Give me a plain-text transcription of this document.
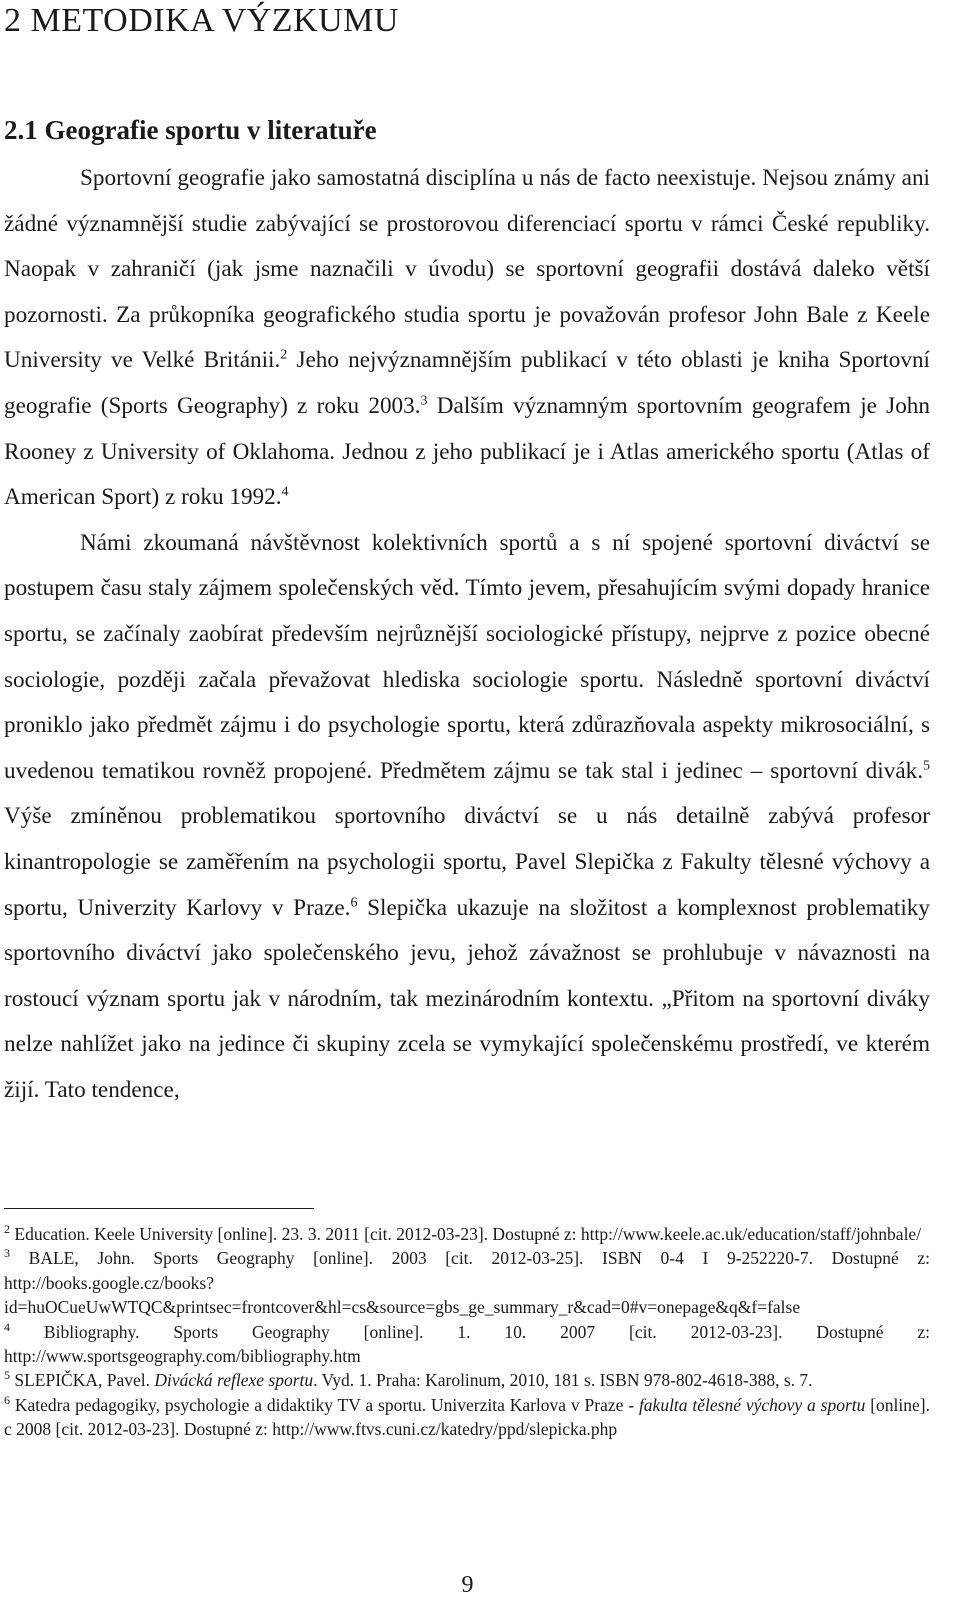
2 METODIKA VÝZKUMU
2.1 Geografie sportu v literatuře

Sportovní geografie jako samostatná disciplína u nás de facto neexistuje. Nejsou známy ani žádné významnější studie zabývající se prostorovou diferenciací sportu v rámci České republiky. Naopak v zahraničí (jak jsme naznačili v úvodu) se sportovní geografii dostává daleko větší pozornosti. Za průkopníka geografického studia sportu je považován profesor John Bale z Keele University ve Velké Británii.$^2$ Jeho nejvýznamnějším publikací v této oblasti je kniha Sportovní geografie (Sports Geography) z roku 2003.$^3$ Dalším významným sportovním geografem je John Rooney z University of Oklahoma. Jednou z jeho publikací je i Atlas amerického sportu (Atlas of American Sport) z roku 1992.$^4$

Námi zkoumaná návštěvnost kolektivních sportů a s ní spojené sportovní diváctví se postupem času staly zájmem společenských věd. Tímto jevem, přesahujícím svými dopady hranice sportu, se začínaly zaobírat především nejrůznější sociologické přístupy, nejprve z pozice obecné sociologie, později začala převažovat hlediska sociologie sportu. Následně sportovní diváctví proniklo jako předmět zájmu i do psychologie sportu, která zdůrazňovala aspekty mikrosociální, s uvedenou tematikou rovněž propojené. Předmětem zájmu se tak stal i jedinec – sportovní divák.$^5$ Výše zmíněnou problematikou sportovního diváctví se u nás detailně zabývá profesor kinantropologie se zaměřením na psychologii sportu, Pavel Slepička z Fakulty tělesné výchovy a sportu, Univerzity Karlovy v Praze.$^6$ Slepička ukazuje na složitost a komplexnost problematiky sportovního diváctví jako společenského jevu, jehož závažnost se prohlubuje v návaznosti na rostoucí význam sportu jak v národním, tak mezinárodním kontextu. „Přitom na sportovní diváky nelze nahlížet jako na jedince či skupiny zcela se vymykající společenskému prostředí, ve kterém žijí. Tato tendence,

$^2$ Education. Keele University [online]. 23. 3. 2011 [cit. 2012-03-23]. Dostupné z: http://www.keele.ac.uk/education/staff/johnbale/

$^3$ BALE, John. Sports Geography [online]. 2003 [cit. 2012-03-25]. ISBN 0-4 I 9-252220-7. Dostupné z: http://books.google.cz/books?id=huOCueUwWTQC&printsec=frontcover&hl=cs&source=gbs_ge_summary_r&cad=0#v=onepage&q&f=false

$^4$ Bibliography. Sports Geography [online]. 1. 10. 2007 [cit. 2012-03-23]. Dostupné z: http://www.sportsgeography.com/bibliography.htm

$^5$ SLEPIČKA, Pavel. Divácká reflexe sportu. Vyd. 1. Praha: Karolinum, 2010, 181 s. ISBN 978-802-4618-388, s. 7.

$^6$ Katedra pedagogiky, psychologie a didaktiky TV a sportu. Univerzita Karlova v Praze - fakulta tělesné výchovy a sportu [online]. c 2008 [cit. 2012-03-23]. Dostupné z: http://www.ftvs.cuni.cz/katedry/ppd/slepicka.php

9
